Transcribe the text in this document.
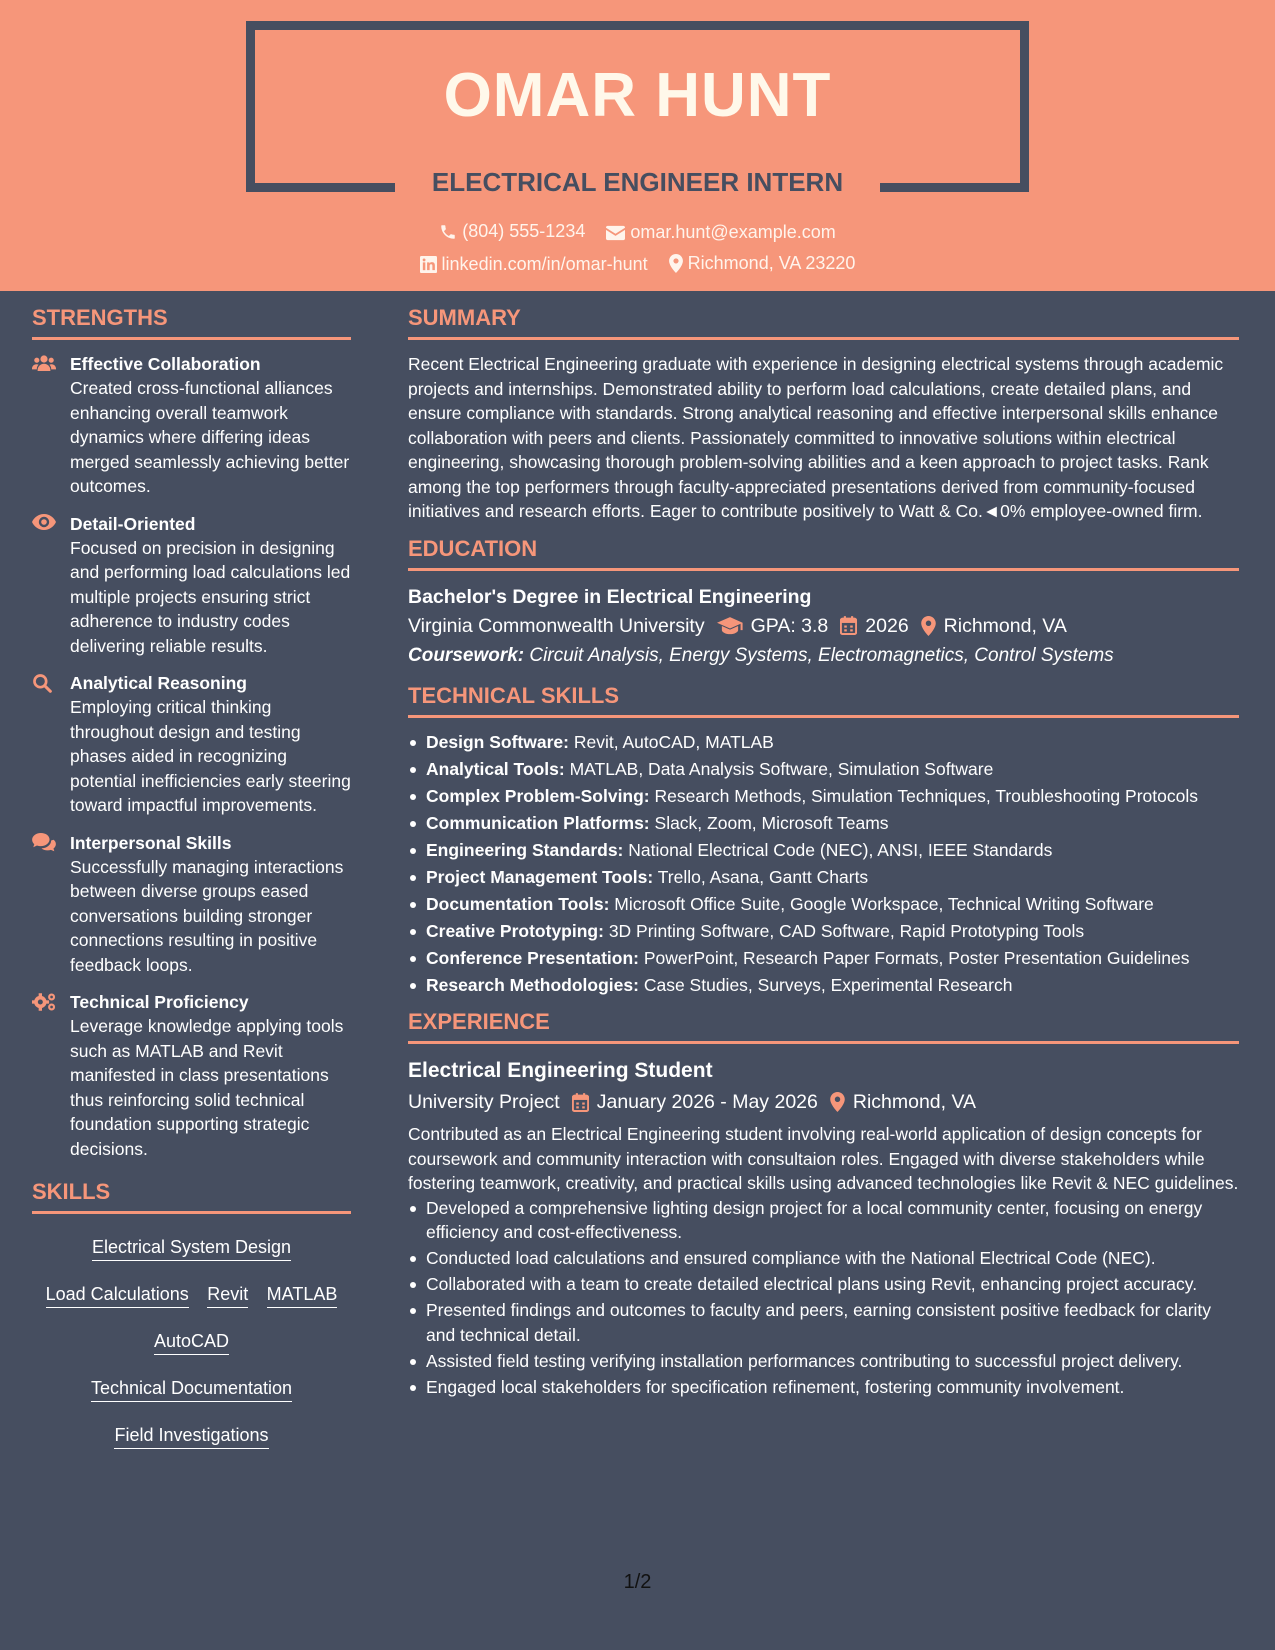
OMAR HUNT
ELECTRICAL ENGINEER INTERN
(804) 555-1234
	omar.hunt@example.com
linkedin.com/in/omar-hunt
Richmond, VA 23220
STRENGTHS
Effective Collaboration
Created cross-functional alliances enhancing overall teamwork dynamics where differing ideas merged seamlessly achieving better outcomes.
Detail-Oriented
Focused on precision in designing and performing load calculations led multiple projects ensuring strict adherence to industry codes delivering reliable results.
Analytical Reasoning
Employing critical thinking throughout design and testing phases aided in recognizing potential inefficiencies early steering toward impactful improvements.
Interpersonal Skills
Successfully managing interactions between diverse groups eased conversations building stronger connections resulting in positive feedback loops.
Technical Proficiency
Leverage knowledge applying tools such as MATLAB and Revit manifested in class presentations thus reinforcing solid technical foundation supporting strategic decisions.
SKILLS
Electrical System Design
Load Calculations Revit MATLAB
AutoCAD
Technical Documentation
Field Investigations
SUMMARY
Recent Electrical Engineering graduate with experience in designing electrical systems through academic projects and internships. Demonstrated ability to perform load calculations, create detailed plans, and ensure compliance with standards. Strong analytical reasoning and effective interpersonal skills enhance collaboration with peers and clients. Passionately committed to innovative solutions within electrical engineering, showcasing thorough problem-solving abilities and a keen approach to project tasks. Rank among the top performers through faculty-appreciated presentations derived from community-focused initiatives and research efforts. Eager to contribute positively to Watt & Co.◄0% employee-owned firm.
EDUCATION
Bachelor's Degree in Electrical Engineering
Virginia Commonwealth University GPA: 3.8 2026 Richmond, VA
Coursework: Circuit Analysis, Energy Systems, Electromagnetics, Control Systems
TECHNICAL SKILLS
Design Software: Revit, AutoCAD, MATLAB
Analytical Tools: MATLAB, Data Analysis Software, Simulation Software
Complex Problem-Solving: Research Methods, Simulation Techniques, Troubleshooting Protocols
Communication Platforms: Slack, Zoom, Microsoft Teams
Engineering Standards: National Electrical Code (NEC), ANSI, IEEE Standards
Project Management Tools: Trello, Asana, Gantt Charts
Documentation Tools: Microsoft Office Suite, Google Workspace, Technical Writing Software
Creative Prototyping: 3D Printing Software, CAD Software, Rapid Prototyping Tools
Conference Presentation: PowerPoint, Research Paper Formats, Poster Presentation Guidelines
Research Methodologies: Case Studies, Surveys, Experimental Research
EXPERIENCE
Electrical Engineering Student
University Project January 2026 - May 2026 Richmond, VA
Contributed as an Electrical Engineering student involving real-world application of design concepts for coursework and community interaction with consultaion roles. Engaged with diverse stakeholders while fostering teamwork, creativity, and practical skills using advanced technologies like Revit & NEC guidelines.
Developed a comprehensive lighting design project for a local community center, focusing on energy efficiency and cost-effectiveness.
Conducted load calculations and ensured compliance with the National Electrical Code (NEC).
Collaborated with a team to create detailed electrical plans using Revit, enhancing project accuracy.
Presented findings and outcomes to faculty and peers, earning consistent positive feedback for clarity and technical detail.
Assisted field testing verifying installation performances contributing to successful project delivery.
Engaged local stakeholders for specification refinement, fostering community involvement.
1/2
